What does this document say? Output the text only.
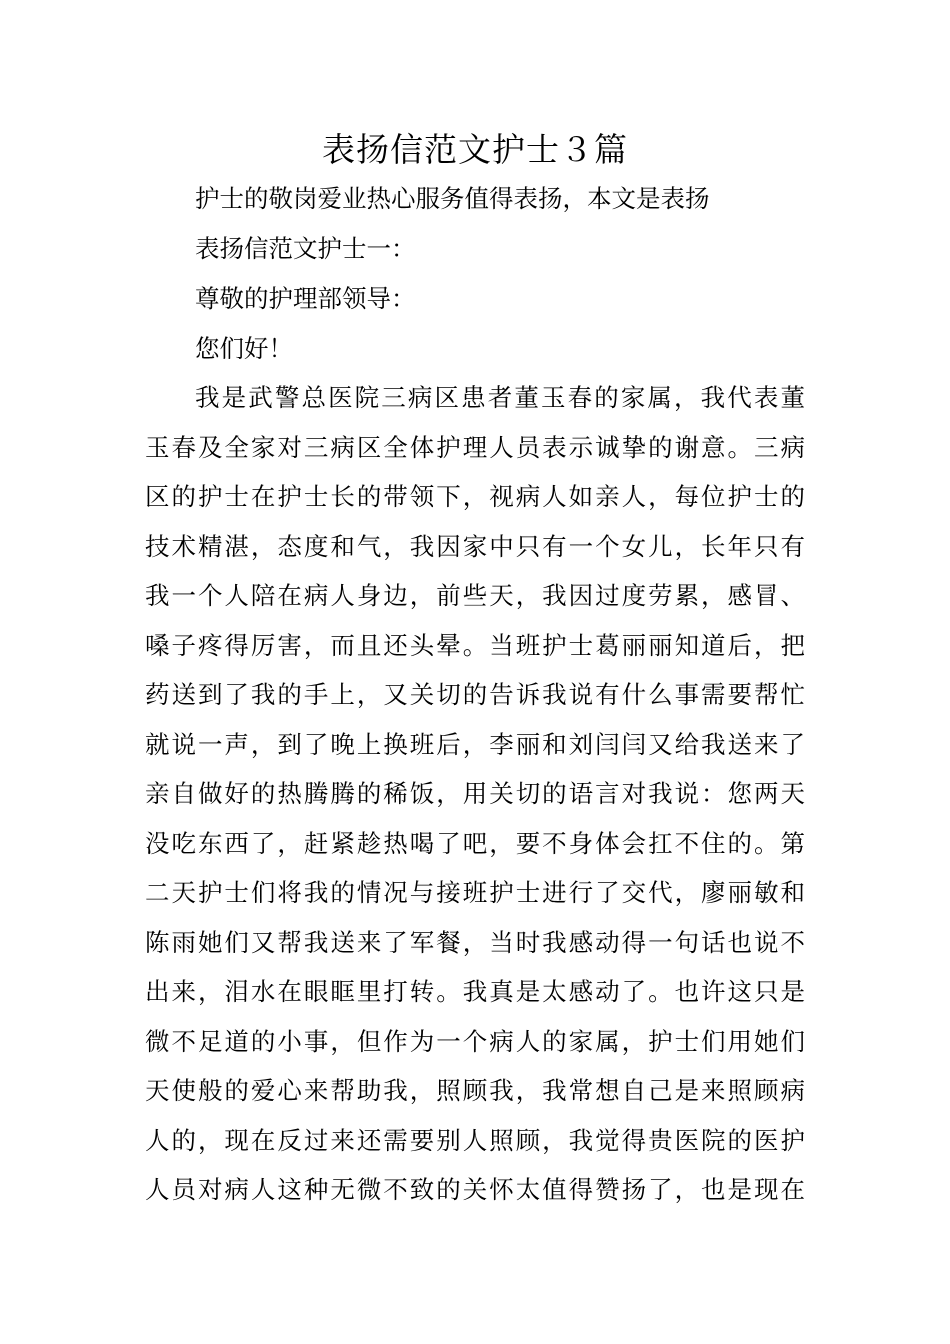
表扬信范文护士３篇

护士的敬岗爱业热心服务值得表扬，本文是表扬

表扬信范文护士一：

尊敬的护理部领导：

您们好！

我是武警总医院三病区患者董玉春的家属，我代表董

玉春及全家对三病区全体护理人员表示诚挚的谢意。三病

区的护士在护士长的带领下，视病人如亲人，每位护士的

技术精湛，态度和气，我因家中只有一个女儿，长年只有

我一个人陪在病人身边，前些天，我因过度劳累，感冒、

嗓子疼得厉害，而且还头晕。当班护士葛丽丽知道后，把

药送到了我的手上，又关切的告诉我说有什么事需要帮忙

就说一声，到了晚上换班后，李丽和刘闫闫又给我送来了

亲自做好的热腾腾的稀饭，用关切的语言对我说：您两天

没吃东西了，赶紧趁热喝了吧，要不身体会扛不住的。第

二天护士们将我的情况与接班护士进行了交代，廖丽敏和

陈雨她们又帮我送来了军餐，当时我感动得一句话也说不

出来，泪水在眼眶里打转。我真是太感动了。也许这只是

微不足道的小事，但作为一个病人的家属，护士们用她们

天使般的爱心来帮助我，照顾我，我常想自己是来照顾病

人的，现在反过来还需要别人照顾，我觉得贵医院的医护

人员对病人这种无微不致的关怀太值得赞扬了，也是现在
